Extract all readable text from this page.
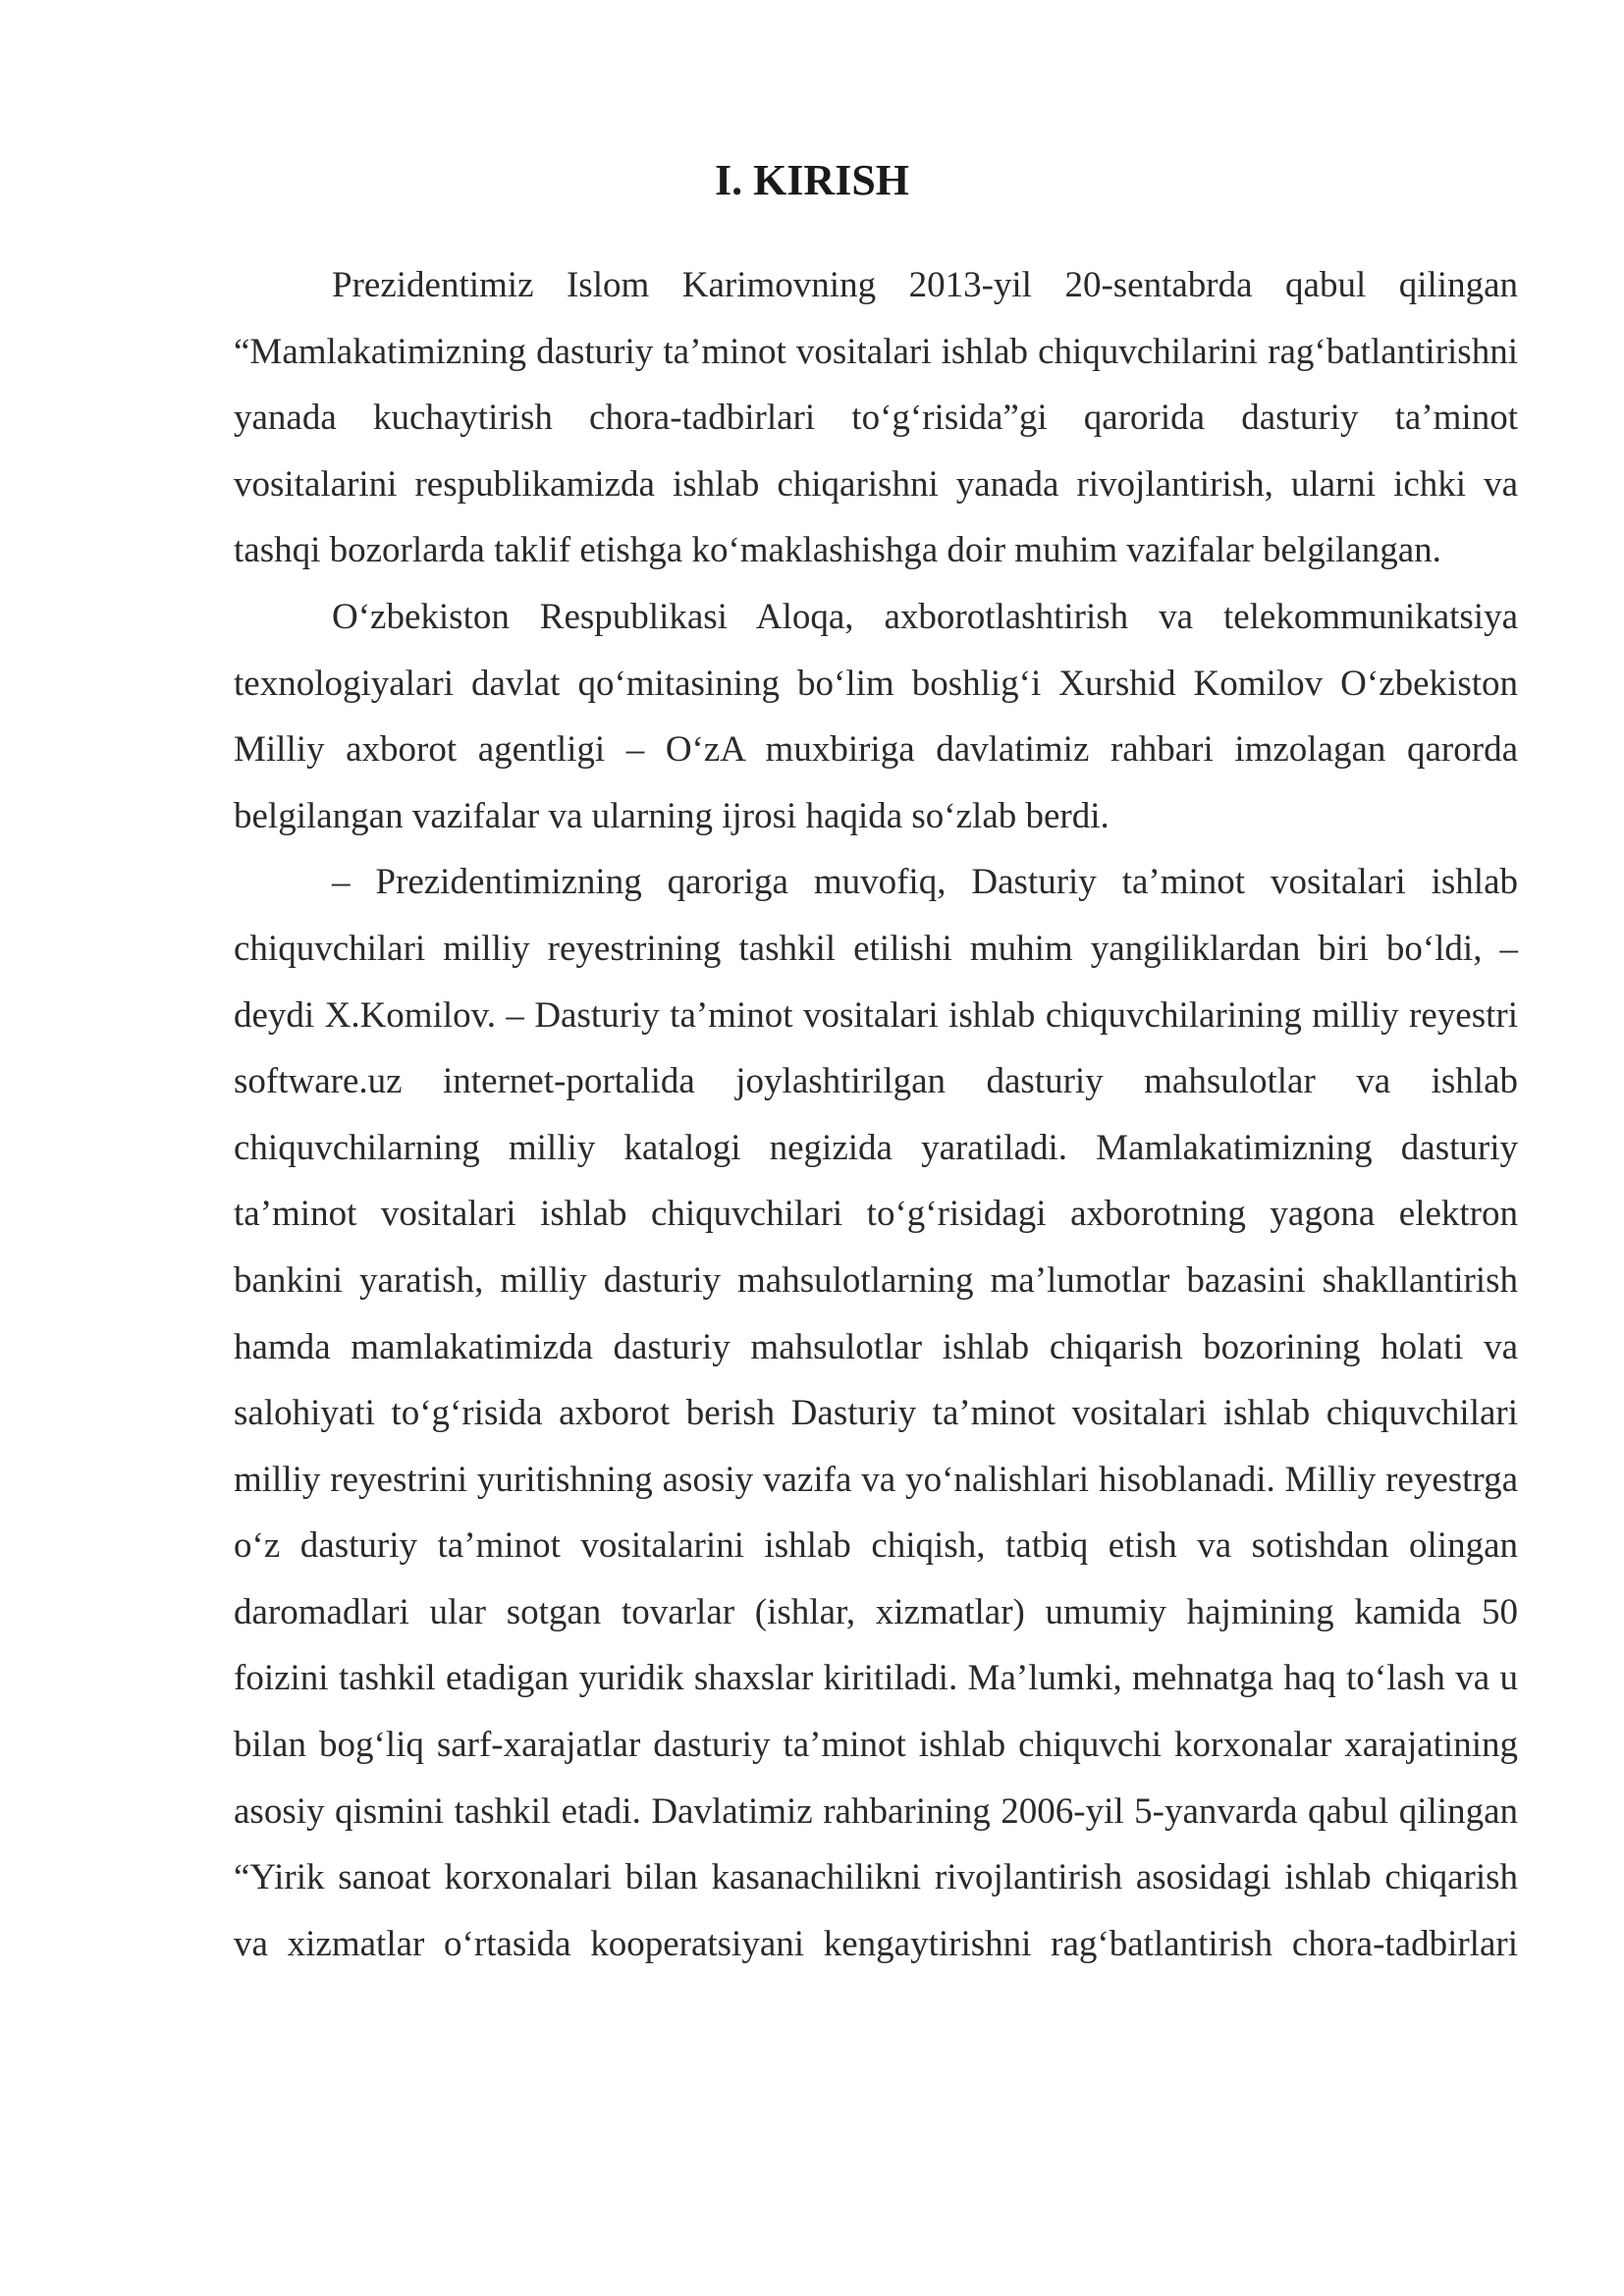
I. KIRISH

Prezidentimiz Islom Karimovning 2013-yil 20-sentabrda qabul qilingan “Mamlakatimizning dasturiy ta’minot vositalari ishlab chiquvchilarini rag‘batlantirishni yanada kuchaytirish chora-tadbirlari to‘g‘risida”gi qarorida dasturiy ta’minot vositalarini respublikamizda ishlab chiqarishni yanada rivojlantirish, ularni ichki va tashqi bozorlarda taklif etishga ko‘maklashishga doir muhim vazifalar belgilangan.

O‘zbekiston Respublikasi Aloqa, axborotlashtirish va telekommunikatsiya texnologiyalari davlat qo‘mitasining bo‘lim boshlig‘i Xurshid Komilov O‘zbekiston Milliy axborot agentligi – O‘zA muxbiriga davlatimiz rahbari imzolagan qarorda belgilangan vazifalar va ularning ijrosi haqida so‘zlab berdi.

– Prezidentimizning qaroriga muvofiq, Dasturiy ta’minot vositalari ishlab chiquvchilari milliy reyestrining tashkil etilishi muhim yangiliklardan biri bo‘ldi, – deydi X.Komilov. – Dasturiy ta’minot vositalari ishlab chiquvchilarining milliy reyestri software.uz internet-portalida joylashtirilgan dasturiy mahsulotlar va ishlab chiquvchilarning milliy katalogi negizida yaratiladi. Mamlakatimizning dasturiy ta’minot vositalari ishlab chiquvchilari to‘g‘risidagi axborotning yagona elektron bankini yaratish, milliy dasturiy mahsulotlarning ma’lumotlar bazasini shakllantirish hamda mamlakatimizda dasturiy mahsulotlar ishlab chiqarish bozorining holati va salohiyati to‘g‘risida axborot berish Dasturiy ta’minot vositalari ishlab chiquvchilari milliy reyestrini yuritishning asosiy vazifa va yo‘nalishlari hisoblanadi. Milliy reyestrga o‘z dasturiy ta’minot vositalarini ishlab chiqish, tatbiq etish va sotishdan olingan daromadlari ular sotgan tovarlar (ishlar, xizmatlar) umumiy hajmining kamida 50 foizini tashkil etadigan yuridik shaxslar kiritiladi. Ma’lumki, mehnatga haq to‘lash va u bilan bog‘liq sarf-xarajatlar dasturiy ta’minot ishlab chiquvchi korxonalar xarajatining asosiy qismini tashkil etadi. Davlatimiz rahbarining 2006-yil 5-yanvarda qabul qilingan “Yirik sanoat korxonalari bilan kasanachilikni rivojlantirish asosidagi ishlab chiqarish va xizmatlar o‘rtasida kooperatsiyani kengaytirishni rag‘batlantirish chora-tadbirlari
